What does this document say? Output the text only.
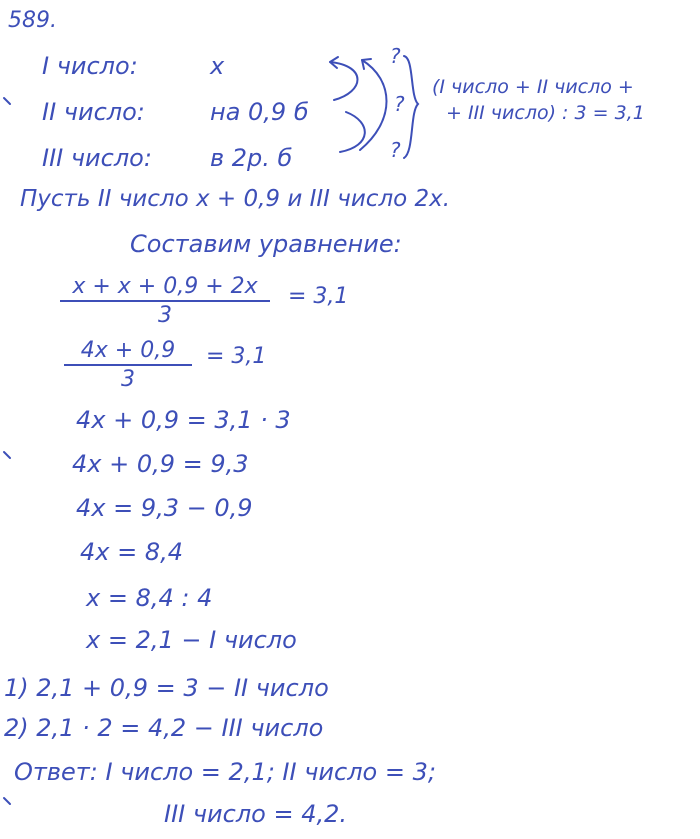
589.
I число:	х	?
II число:	на 0,9 б	?
III число: в 2р. б	?
(I число + II число +
+ III число) : 3 = 3,1
Пусть II число x + 0,9 и III число 2x.
Составим уравнение:
x + x + 0,9 + 2x
3
= 3,1
4x + 0,9
3
= 3,1
4x + 0,9 = 3,1 · 3
4x + 0,9 = 9,3
4x = 9,3 − 0,9
4x = 8,4
x = 8,4 : 4
x = 2,1 − I число
1) 2,1 + 0,9 = 3 − II число
2) 2,1 · 2 = 4,2 − III число
Ответ: I число = 2,1; II число = 3;
III число = 4,2.
